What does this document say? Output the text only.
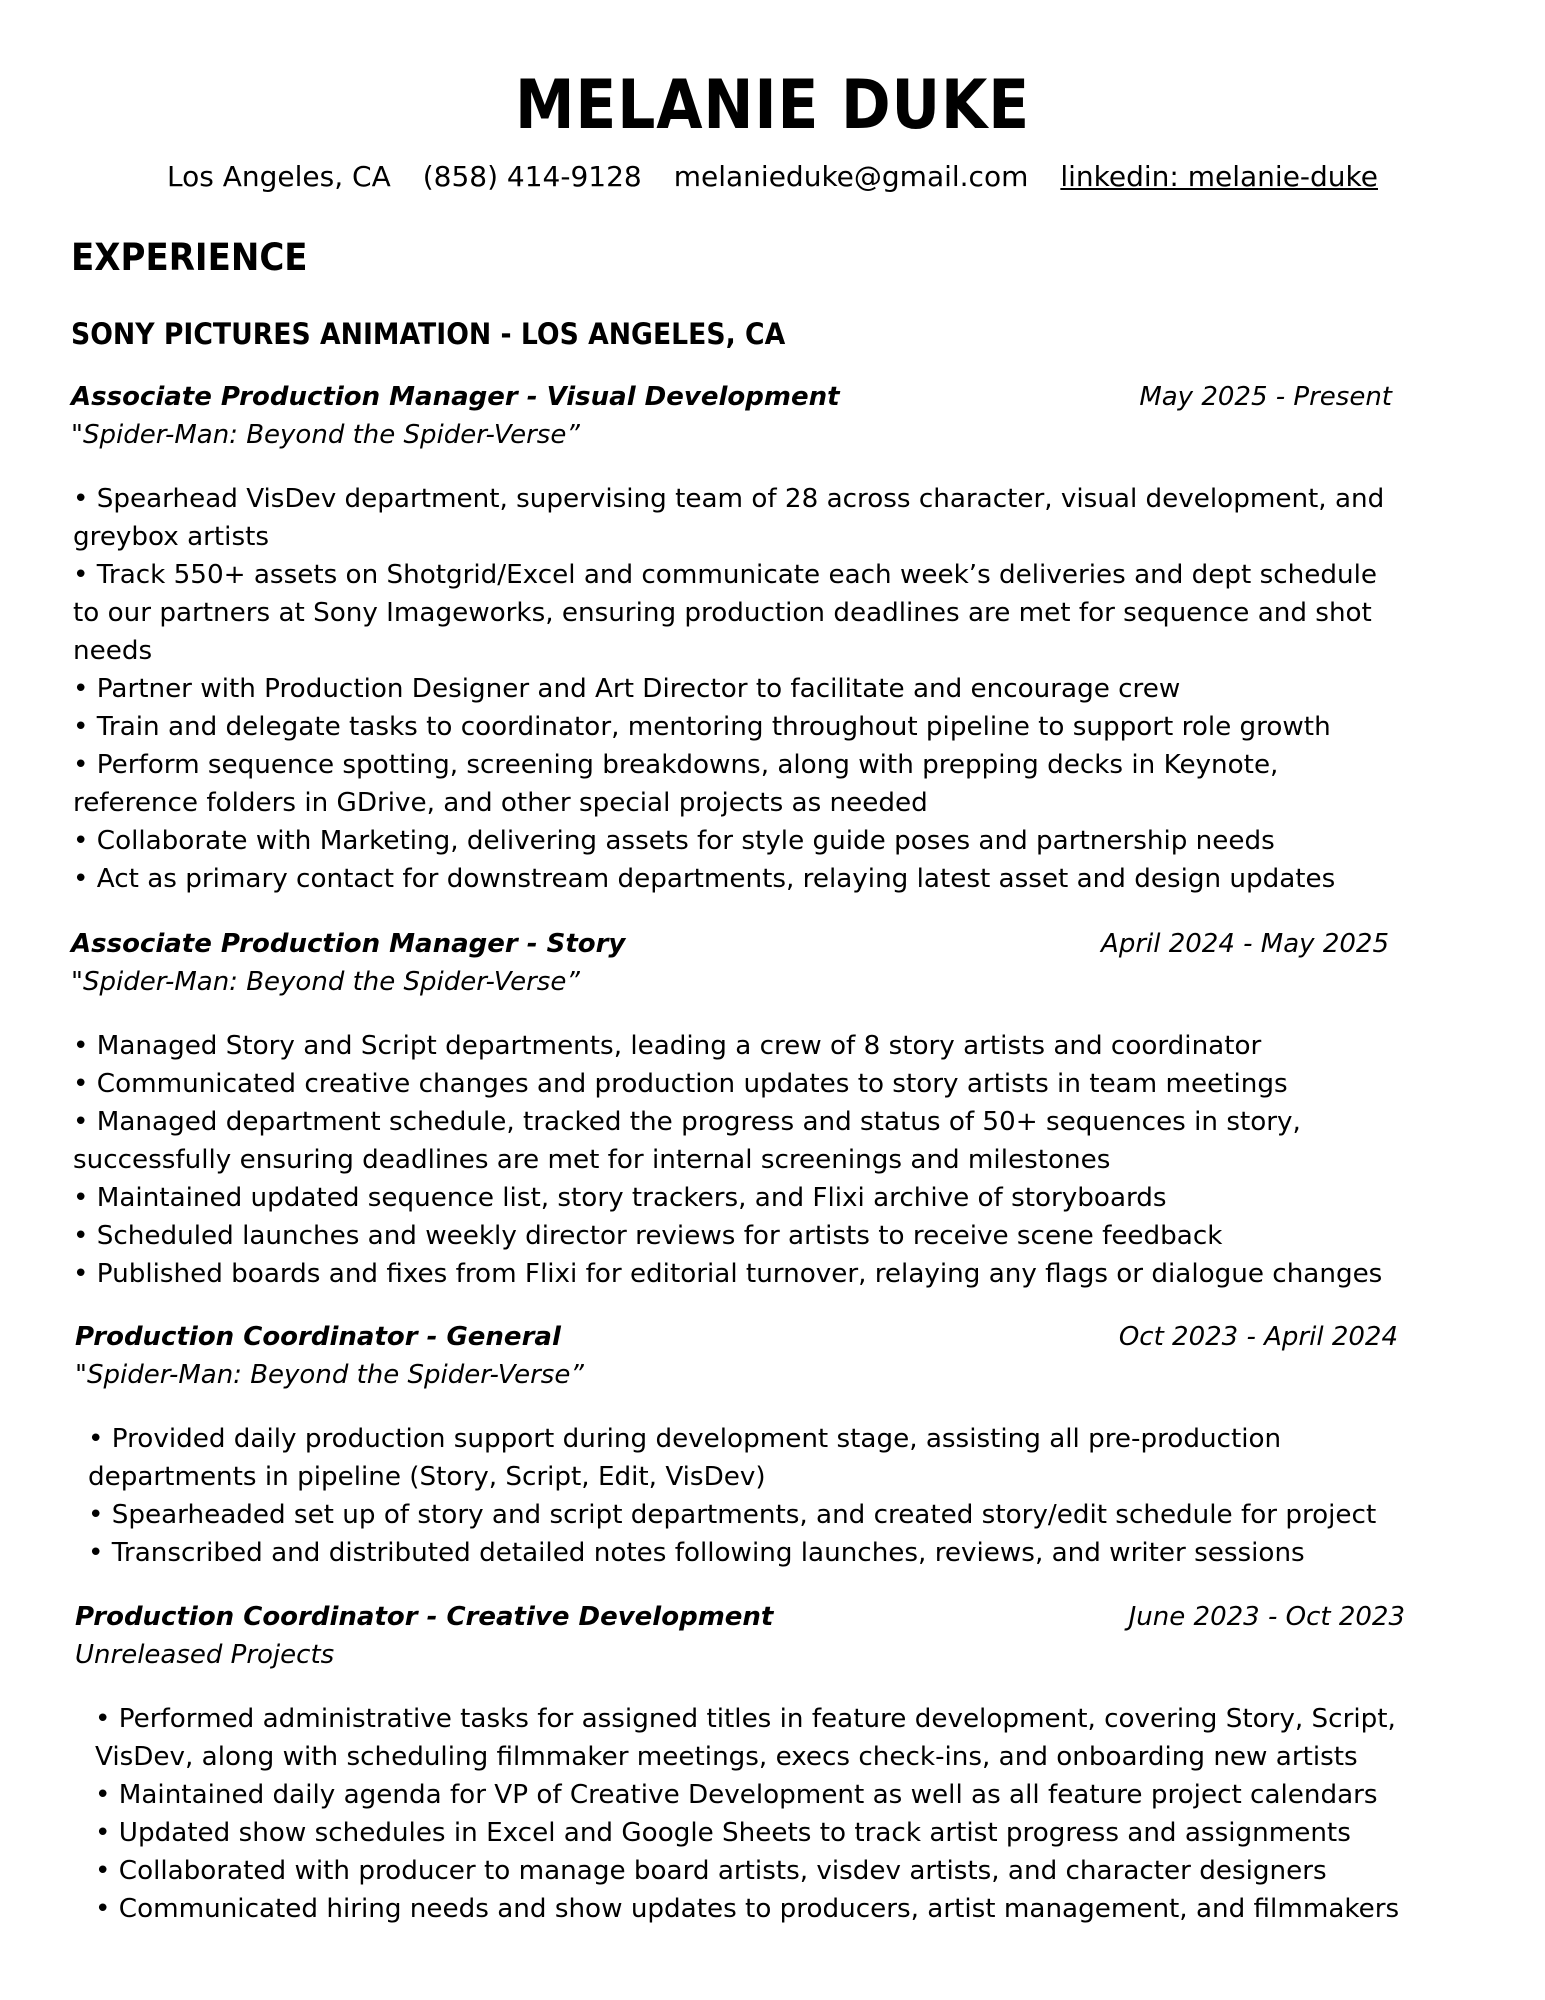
MELANIE DUKE
Los Angeles, CA (858) 414-9128 melanieduke@gmail.com linkedin: melanie-duke
EXPERIENCE
SONY PICTURES ANIMATION - LOS ANGELES, CA
Associate Production Manager - Visual Development	May 2025 - Present
"Spider-Man: Beyond the Spider-Verse”
• Spearhead VisDev department, supervising team of 28 across character, visual development, and greybox artists
• Track 550+ assets on Shotgrid/Excel and communicate each week’s deliveries and dept schedule to our partners at Sony Imageworks, ensuring production deadlines are met for sequence and shot needs
• Partner with Production Designer and Art Director to facilitate and encourage crew
• Train and delegate tasks to coordinator, mentoring throughout pipeline to support role growth
• Perform sequence spotting, screening breakdowns, along with prepping decks in Keynote, reference folders in GDrive, and other special projects as needed
• Collaborate with Marketing, delivering assets for style guide poses and partnership needs
• Act as primary contact for downstream departments, relaying latest asset and design updates
Associate Production Manager - Story	April 2024 - May 2025
"Spider-Man: Beyond the Spider-Verse”
• Managed Story and Script departments, leading a crew of 8 story artists and coordinator
• Communicated creative changes and production updates to story artists in team meetings
• Managed department schedule, tracked the progress and status of 50+ sequences in story, successfully ensuring deadlines are met for internal screenings and milestones
• Maintained updated sequence list, story trackers, and Flixi archive of storyboards
• Scheduled launches and weekly director reviews for artists to receive scene feedback
• Published boards and fixes from Flixi for editorial turnover, relaying any flags or dialogue changes
Production Coordinator - General	Oct 2023 - April 2024
"Spider-Man: Beyond the Spider-Verse”
• Provided daily production support during development stage, assisting all pre-production departments in pipeline (Story, Script, Edit, VisDev)
• Spearheaded set up of story and script departments, and created story/edit schedule for project
• Transcribed and distributed detailed notes following launches, reviews, and writer sessions
Production Coordinator - Creative Development	June 2023 - Oct 2023
Unreleased Projects
• Performed administrative tasks for assigned titles in feature development, covering Story, Script, VisDev, along with scheduling filmmaker meetings, execs check-ins, and onboarding new artists
• Maintained daily agenda for VP of Creative Development as well as all feature project calendars
• Updated show schedules in Excel and Google Sheets to track artist progress and assignments
• Collaborated with producer to manage board artists, visdev artists, and character designers
• Communicated hiring needs and show updates to producers, artist management, and filmmakers
